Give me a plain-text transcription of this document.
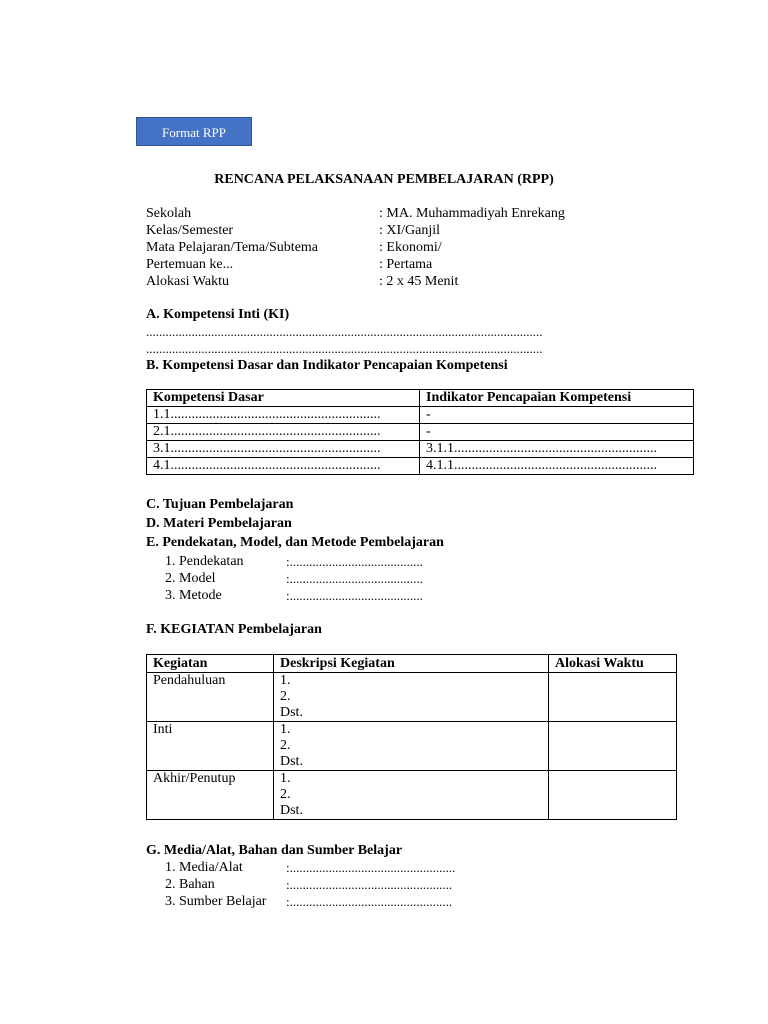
Format RPP
RENCANA PELAKSANAAN PEMBELAJARAN (RPP)
Sekolah	: MA. Muhammadiyah Enrekang
Kelas/Semester	: XI/Ganjil
Mata Pelajaran/Tema/Subtema	: Ekonomi/
Pertemuan ke...	: Pertama
Alokasi Waktu	: 2 x 45 Menit
A. Kompetensi Inti (KI)
..........................................................................................................................
..........................................................................................................................
B. Kompetensi Dasar dan Indikator Pencapaian Kompetensi
Kompetensi Dasar	Indikator Pencapaian Kompetensi
1.1............................................................	-
2.1............................................................	-
3.1............................................................	3.1.1..........................................................
4.1............................................................	4.1.1..........................................................
C. Tujuan Pembelajaran
D. Materi Pembelajaran
E. Pendekatan, Model, dan Metode Pembelajaran
1. Pendekatan	:.........................................
2. Model	:.........................................
3. Metode	:.........................................
F. KEGIATAN Pembelajaran
Kegiatan	Deskripsi Kegiatan	Alokasi Waktu
Pendahuluan	1.
2.
Dst.	

Inti	1.
2.
Dst.	

Akhir/Penutup	1.
2.
Dst.	

G. Media/Alat, Bahan dan Sumber Belajar
1. Media/Alat	:...................................................
2. Bahan	:..................................................
3. Sumber Belajar :..................................................
